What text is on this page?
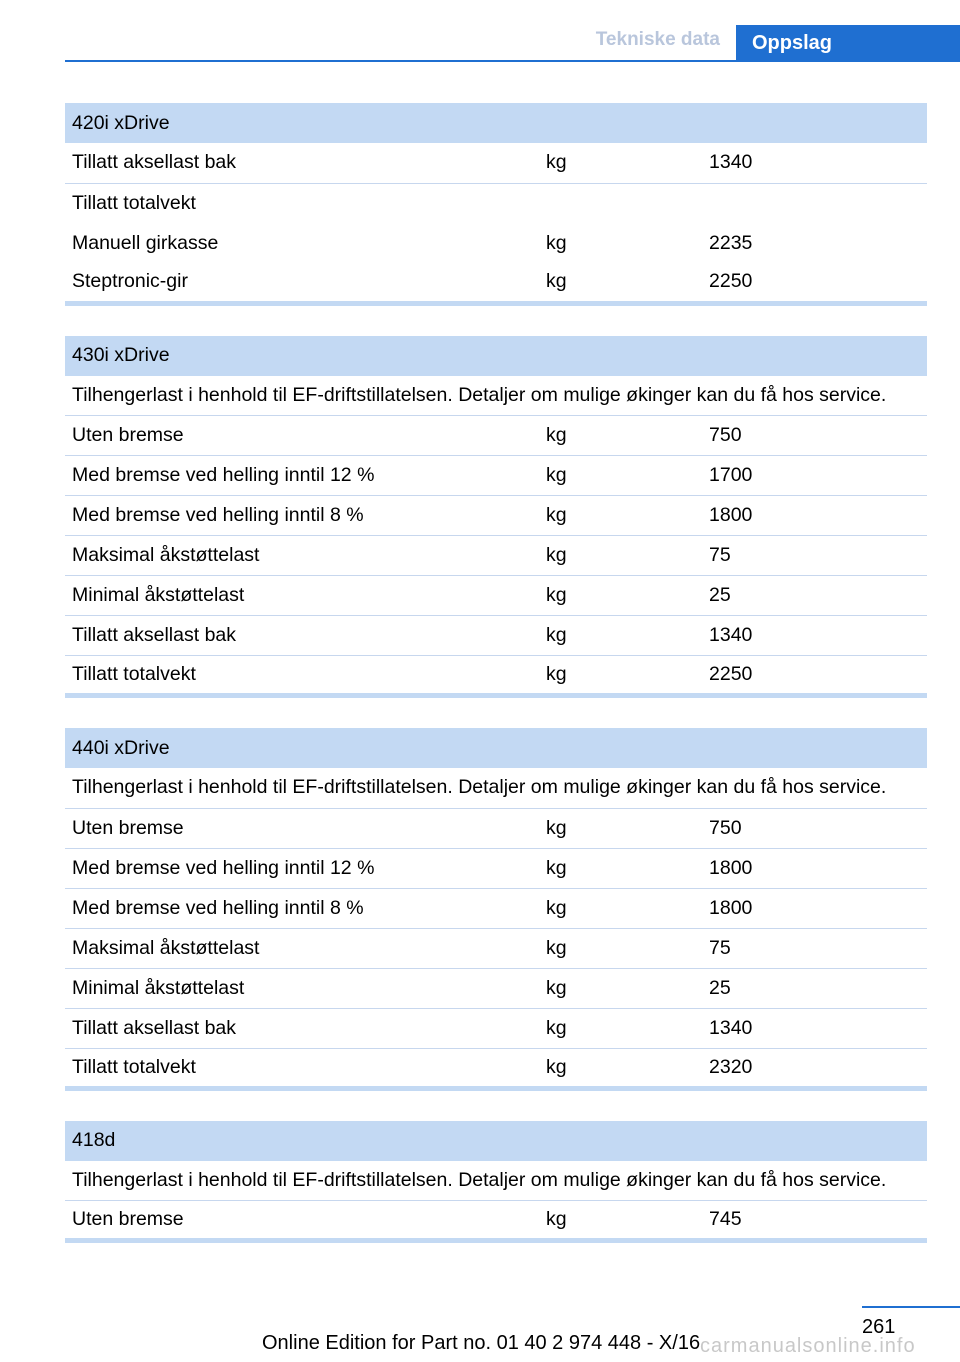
Tekniske data	Oppslag
420i xDrive		
Tillatt aksellast bak	kg	1340
Tillatt totalvekt		
Manuell girkasse	kg	2235
Steptronic-gir	kg	2250
430i xDrive		
Tilhengerlast i henhold til EF-driftstillatelsen. Detaljer om mulige økinger kan du få hos service.		
Uten bremse	kg	750
Med bremse ved helling inntil 12 %	kg	1700
Med bremse ved helling inntil 8 %	kg	1800
Maksimal åkstøttelast	kg	75
Minimal åkstøttelast	kg	25
Tillatt aksellast bak	kg	1340
Tillatt totalvekt	kg	2250
440i xDrive		
Tilhengerlast i henhold til EF-driftstillatelsen. Detaljer om mulige økinger kan du få hos service.		
Uten bremse	kg	750
Med bremse ved helling inntil 12 %	kg	1800
Med bremse ved helling inntil 8 %	kg	1800
Maksimal åkstøttelast	kg	75
Minimal åkstøttelast	kg	25
Tillatt aksellast bak	kg	1340
Tillatt totalvekt	kg	2320
418d
Tilhengerlast i henhold til EF-driftstillatelsen. Detaljer om mulige økinger kan du få hos service.
Uten bremse	kg	745
261
Online Edition for Part no. 01 40 2 974 448 - X/16 carmanualsonline.info
